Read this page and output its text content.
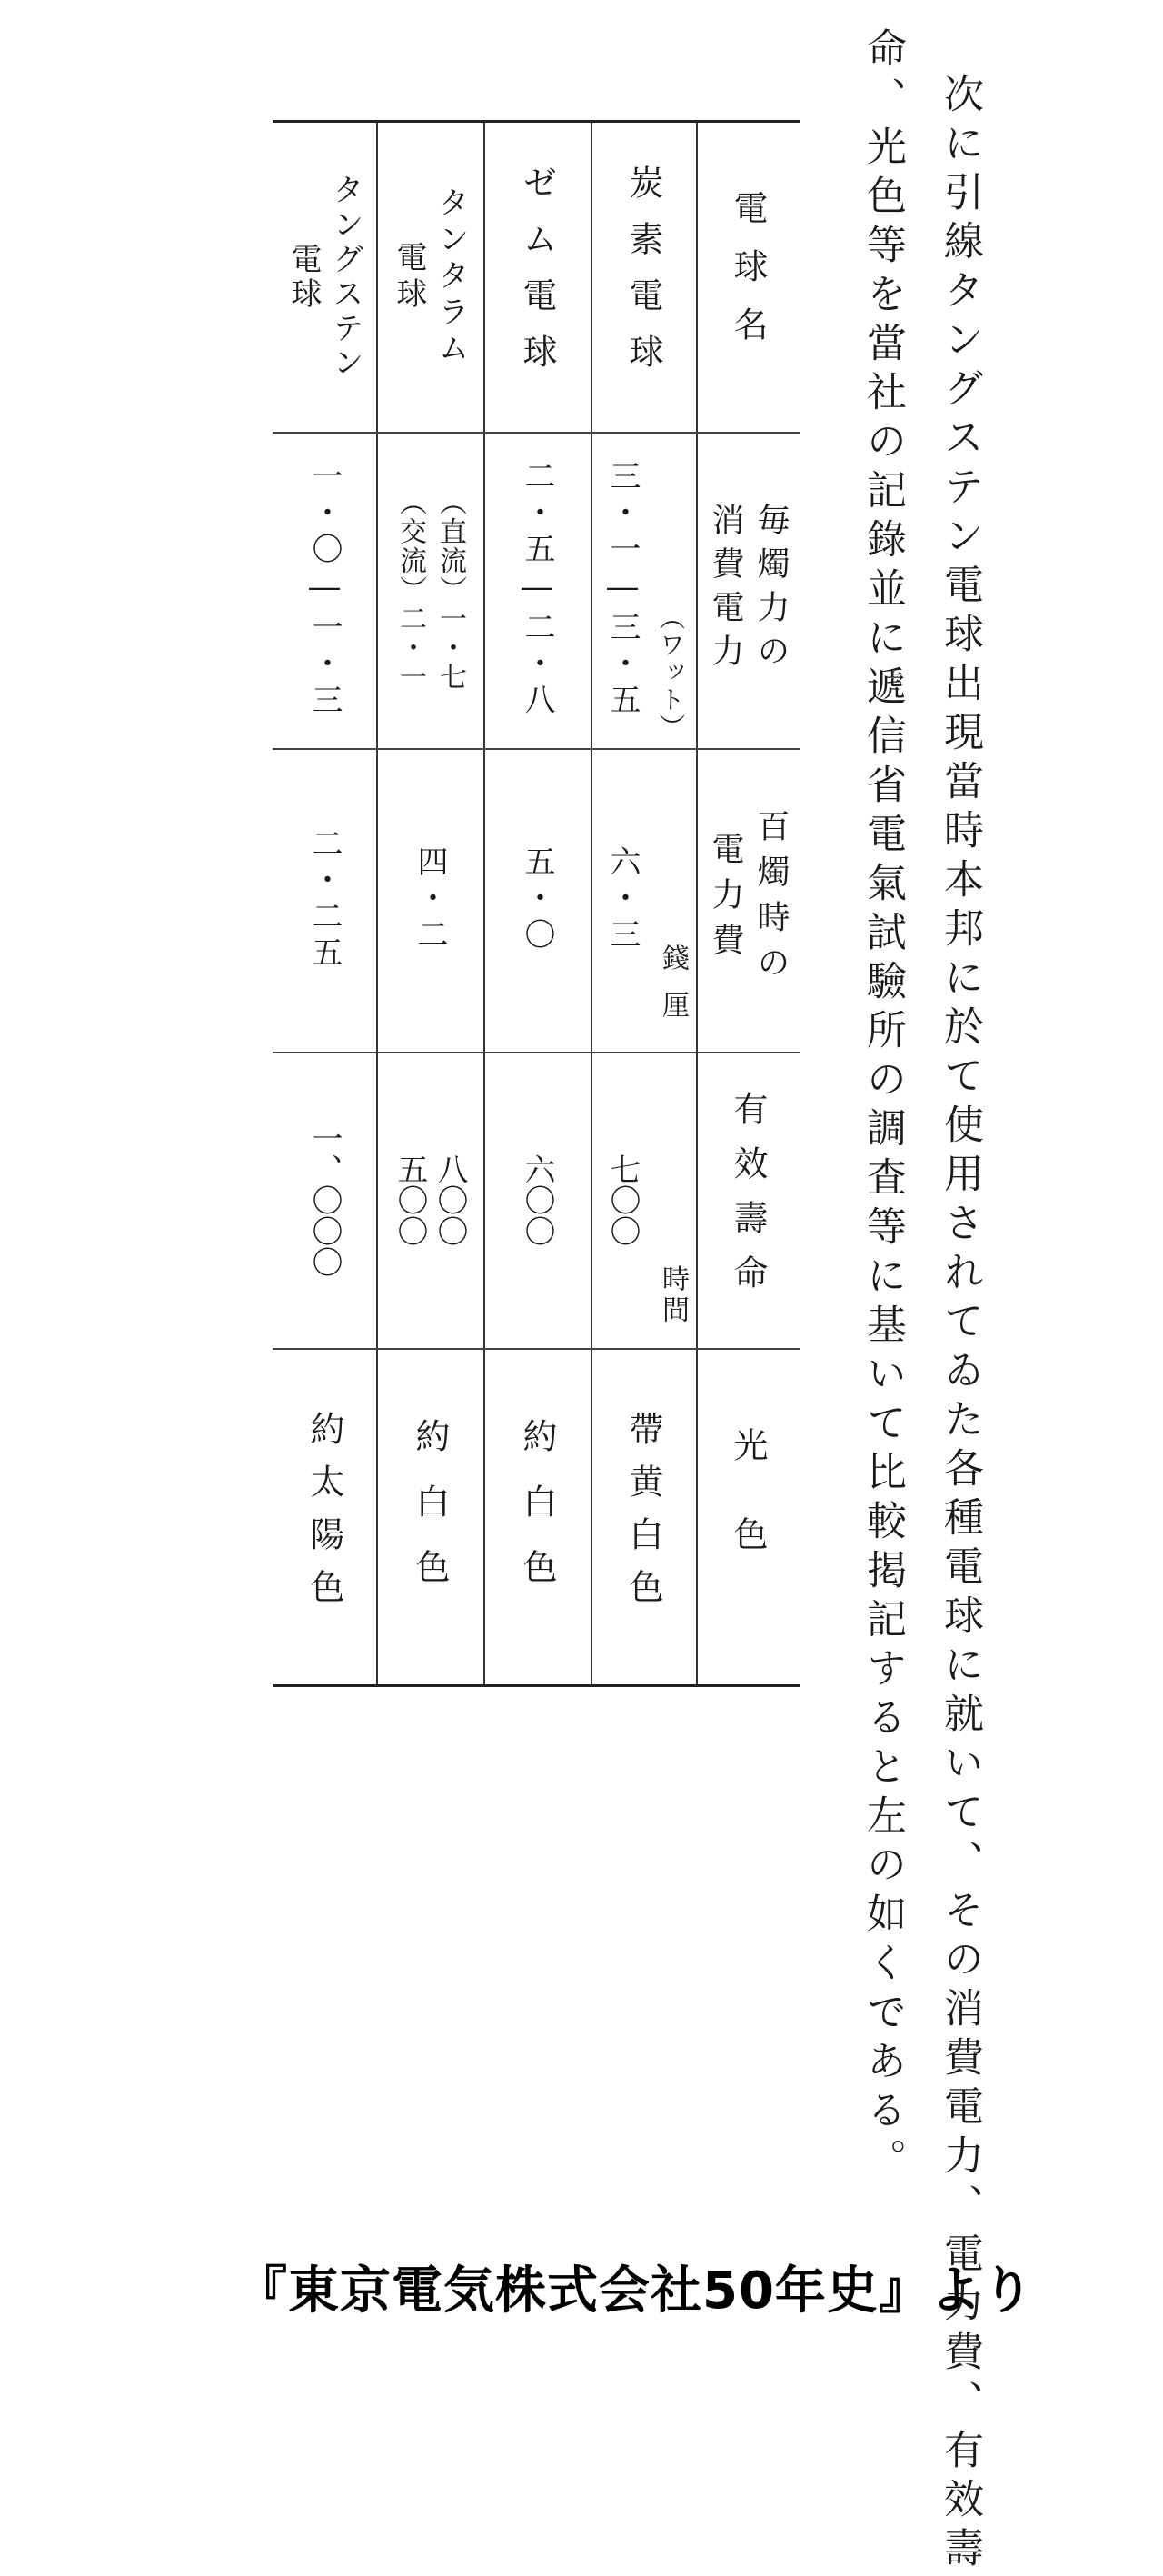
次に引線タングステン電球出現當時本邦に於て使用されてゐた各種電球に就いて、その消費電力、電力費、有效壽
命、光色等を當社の記錄並に遞信省電氣試驗所の調査等に基いて比較掲記すると左の如くである。
電球名
毎燭力の
消費電力
百燭時の
電力費
有效壽命
光色
（ワット）
錢厘
時間
炭素電球
三・一―三・五
六・三
七〇〇
帶黄白色
ゼム電球
二・五―二・八
五・〇
六〇〇
約白色
タンタラム
電球
（直流）一・七
（交流）二・一
四・二
八〇〇
五〇〇
約白色
タングステン
電球
一・〇―一・三
二・二五
一、〇〇〇
約太陽色
『東京電気株式会社50年史』より
